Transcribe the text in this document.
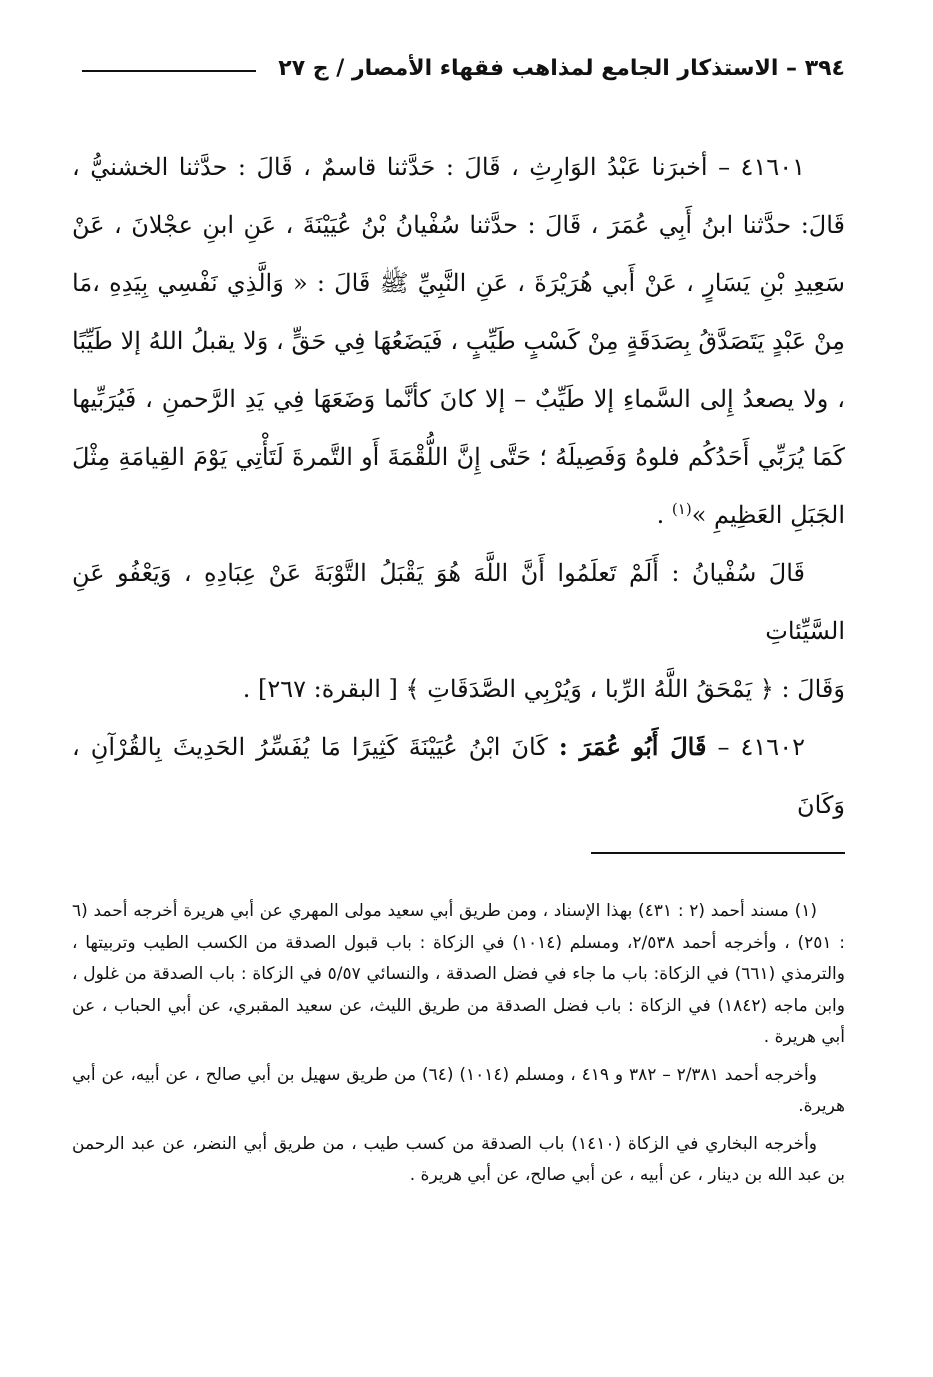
٣٩٤ – الاستذكار الجامع لمذاهب فقهاء الأمصار / ج ٢٧

٤١٦٠١ – أخبرَنا عَبْدُ الوَارِثِ ، قَالَ : حَدَّثنا قاسمٌ ، قَالَ : حدَّثنا الخشنيُّ ، قَالَ: حدَّثنا ابنُ أَبِي عُمَرَ ، قَالَ : حدَّثنا سُفْيانُ بْنُ عُيَيْنَةَ ، عَنِ ابنِ عجْلانَ ، عَنْ سَعِيدِ بْنِ يَسَارٍ ، عَنْ أَبي هُرَيْرَةَ ، عَنِ النَّبِيِّ ﷺ قَالَ : « وَالَّذِي نَفْسِي بِيَدِهِ ،مَا مِنْ عَبْدٍ يَتَصَدَّقُ بِصَدَقَةٍ مِنْ كَسْبٍ طَيِّبٍ ، فَيَضَعُهَا فِي حَقٍّ ، وَلا يقبلُ اللهُ إلا طَيِّبًا ، ولا يصعدُ إِلى السَّماءِ إلا طَيِّبٌ – إلا كانَ كأنَّما وَضَعَهَا فِي يَدِ الرَّحمنِ ، فَيُرَبِّيها كَمَا يُرَبِّي أَحَدُكُم فلوهُ وَفَصِيلَهُ ؛ حَتَّى إِنَّ اللُّقْمَةَ أَو التَّمرةَ لَتَأْتِي يَوْمَ القِيامَةِ مِثْلَ الجَبَلِ العَظِيمِ »$^{(١)}$ .

قَالَ سُفْيانُ : أَلَمْ تَعلَمُوا أَنَّ اللَّهَ هُوَ يَقْبَلُ التَّوْبَةَ عَنْ عِبَادِهِ ، وَيَعْفُو عَنِ السَّيِّئاتِ

وَقَالَ : ﴿ يَمْحَقُ اللَّهُ الرِّبا ، وَيُرْبِي الصَّدَقَاتِ ﴾ [ البقرة: ٢٦٧] .

٤١٦٠٢ – قَالَ أَبُو عُمَرَ : كَانَ ابْنُ عُيَيْنَةَ كَثِيرًا مَا يُفَسِّرُ الحَدِيثَ بِالقُرْآنِ ، وَكَانَ

(١) مسند أحمد (٢ : ٤٣١) بهذا الإسناد ، ومن طريق أبي سعيد مولى المهري عن أبي هريرة أخرجه أحمد (٦ : ٢٥١) ، وأخرجه أحمد ٢/٥٣٨، ومسلم (١٠١٤) في الزكاة : باب قبول الصدقة من الكسب الطيب وتربيتها ، والترمذي (٦٦١) في الزكاة: باب ما جاء في فضل الصدقة ، والنسائي ٥/٥٧ في الزكاة : باب الصدقة من غلول ، وابن ماجه (١٨٤٢) في الزكاة : باب فضل الصدقة من طريق الليث، عن سعيد المقبري، عن أبي الحباب ، عن أبي هريرة .

وأخرجه أحمد ٢/٣٨١ – ٣٨٢ و ٤١٩ ، ومسلم (١٠١٤) (٦٤) من طريق سهيل بن أبي صالح ، عن أبيه، عن أبي هريرة.

وأخرجه البخاري في الزكاة (١٤١٠) باب الصدقة من كسب طيب ، من طريق أبي النضر، عن عبد الرحمن بن عبد الله بن دينار ، عن أبيه ، عن أبي صالح، عن أبي هريرة .
